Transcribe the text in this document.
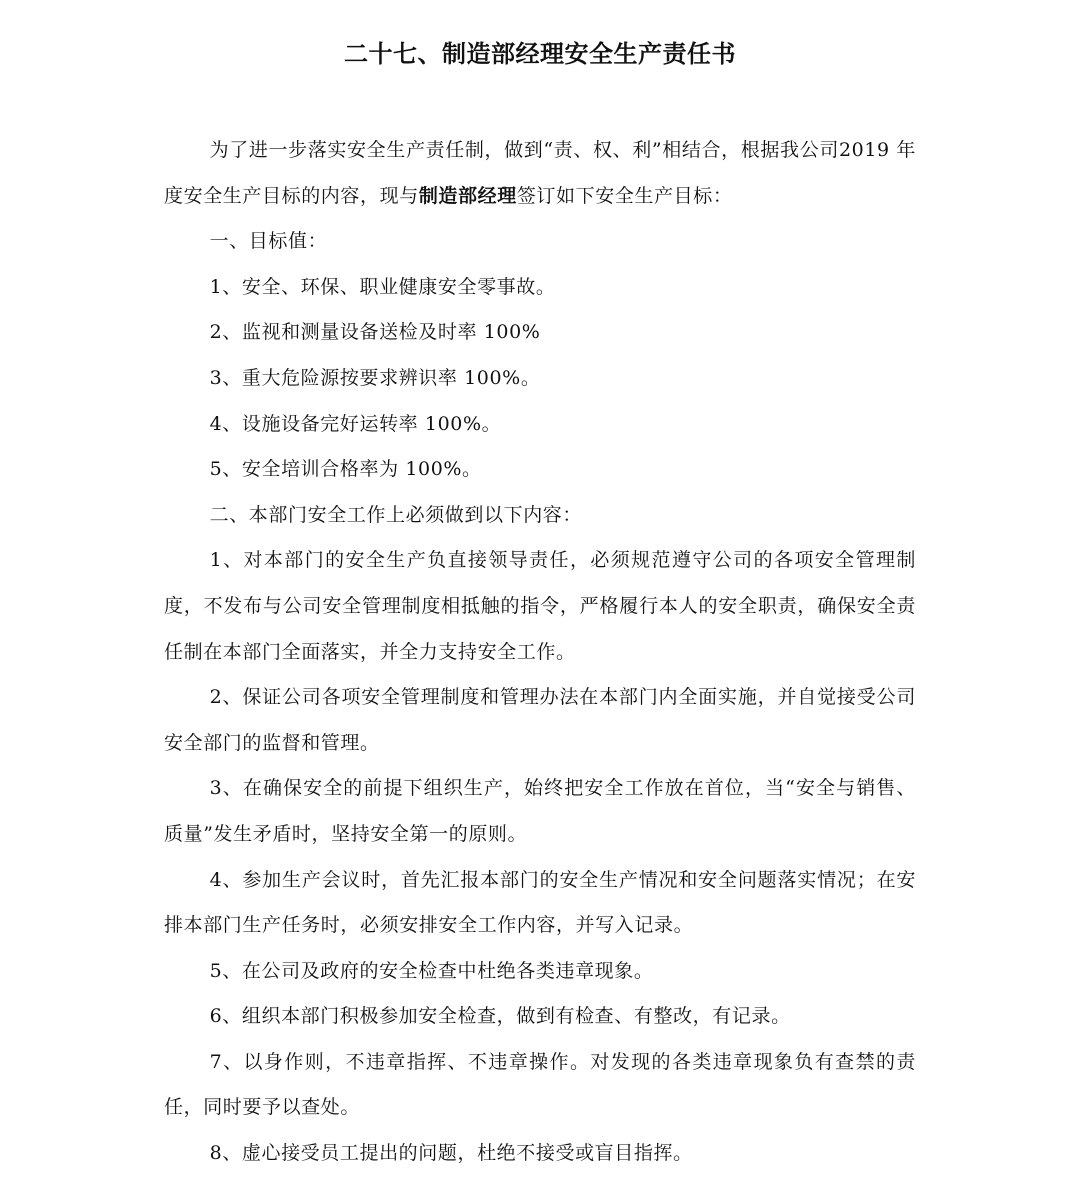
二十七、制造部经理安全生产责任书

为了进一步落实安全生产责任制，做到“责、权、利”相结合，根据我公司2019 年度安全生产目标的内容，现与制造部经理签订如下安全生产目标：

一、目标值：

1、安全、环保、职业健康安全零事故。

2、监视和测量设备送检及时率 100%

3、重大危险源按要求辨识率 100%。

4、设施设备完好运转率 100%。

5、安全培训合格率为 100%。

二、本部门安全工作上必须做到以下内容：

1、对本部门的安全生产负直接领导责任，必须规范遵守公司的各项安全管理制度，不发布与公司安全管理制度相抵触的指令，严格履行本人的安全职责，确保安全责任制在本部门全面落实，并全力支持安全工作。

2、保证公司各项安全管理制度和管理办法在本部门内全面实施，并自觉接受公司安全部门的监督和管理。

3、在确保安全的前提下组织生产，始终把安全工作放在首位，当“安全与销售、质量”发生矛盾时，坚持安全第一的原则。

4、参加生产会议时，首先汇报本部门的安全生产情况和安全问题落实情况；在安排本部门生产任务时，必须安排安全工作内容，并写入记录。

5、在公司及政府的安全检查中杜绝各类违章现象。

6、组织本部门积极参加安全检查，做到有检查、有整改，有记录。

7、以身作则，不违章指挥、不违章操作。对发现的各类违章现象负有查禁的责任，同时要予以查处。

8、虚心接受员工提出的问题，杜绝不接受或盲目指挥。
